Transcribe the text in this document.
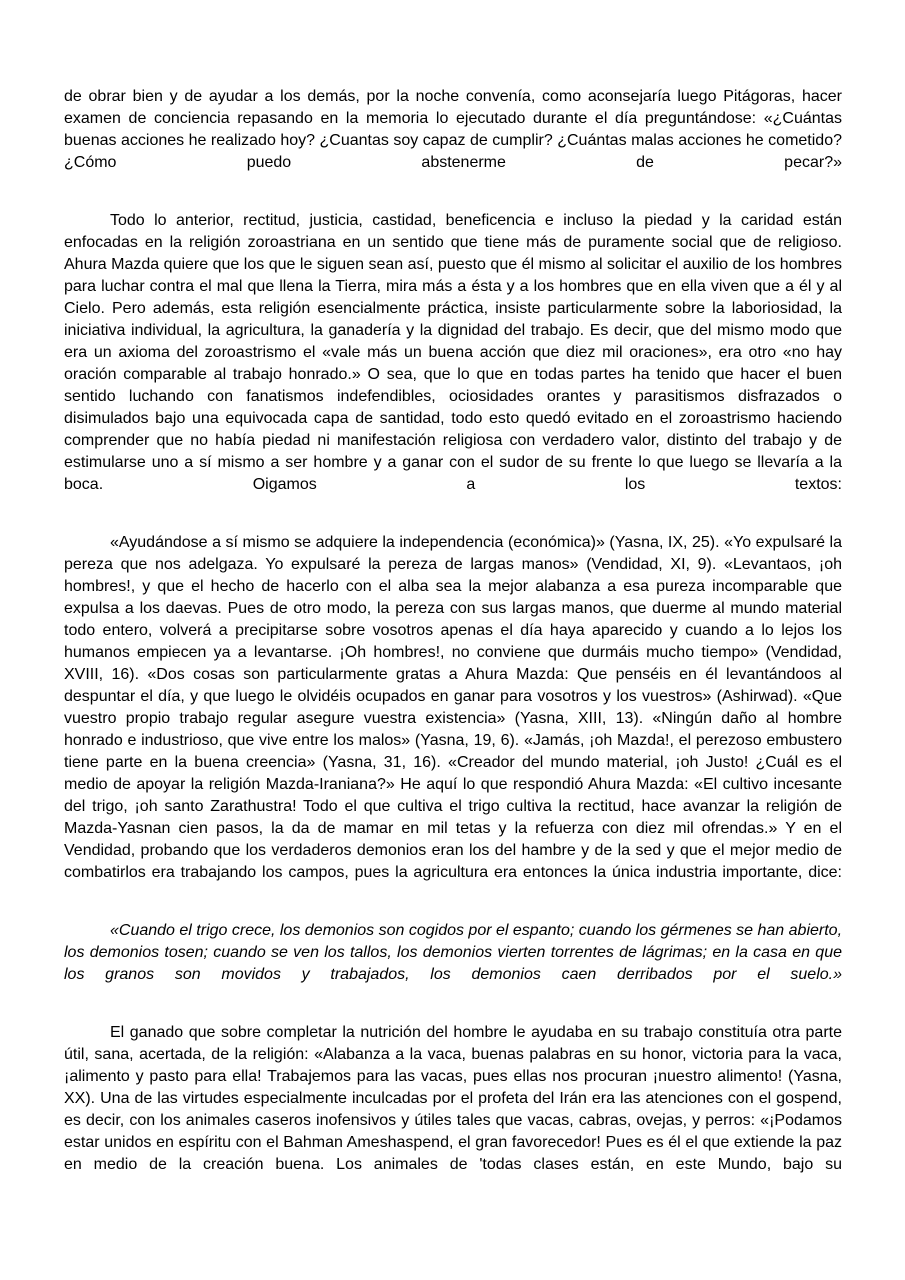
de obrar bien y de ayudar a los demás, por la noche convenía, como aconsejaría luego Pitágoras, hacer examen de conciencia repasando en la memoria lo ejecutado durante el día preguntándose: «¿Cuántas buenas acciones he realizado hoy? ¿Cuantas soy capaz de cumplir? ¿Cuántas malas acciones he cometido? ¿Cómo puedo abstenerme de pecar?»

Todo lo anterior, rectitud, justicia, castidad, beneficencia e incluso la piedad y la caridad están enfocadas en la religión zoroastriana en un sentido que tiene más de puramente social que de religioso. Ahura Mazda quiere que los que le siguen sean así, puesto que él mismo al solicitar el auxilio de los hombres para luchar contra el mal que llena la Tierra, mira más a ésta y a los hombres que en ella viven que a él y al Cielo. Pero además, esta religión esencialmente práctica, insiste particularmente sobre la laboriosidad, la iniciativa individual, la agricultura, la ganadería y la dignidad del trabajo. Es decir, que del mismo modo que era un axioma del zoroastrismo el «vale más un buena acción que diez mil oraciones», era otro «no hay oración comparable al trabajo honrado.» O sea, que lo que en todas partes ha tenido que hacer el buen sentido luchando con fanatismos indefendibles, ociosidades orantes y parasitismos disfrazados o disimulados bajo una equivocada capa de santidad, todo esto quedó evitado en el zoroastrismo haciendo comprender que no había piedad ni manifestación religiosa con verdadero valor, distinto del trabajo y de estimularse uno a sí mismo a ser hombre y a ganar con el sudor de su frente lo que luego se llevaría a la boca. Oigamos a los textos:

«Ayudándose a sí mismo se adquiere la independencia (económica)» (Yasna, IX, 25). «Yo expulsaré la pereza que nos adelgaza. Yo expulsaré la pereza de largas manos» (Vendidad, XI, 9). «Levantaos, ¡oh hombres!, y que el hecho de hacerlo con el alba sea la mejor alabanza a esa pureza incomparable que expulsa a los daevas. Pues de otro modo, la pereza con sus largas manos, que duerme al mundo material todo entero, volverá a precipitarse sobre vosotros apenas el día haya aparecido y cuando a lo lejos los humanos empiecen ya a levantarse. ¡Oh hombres!, no conviene que durmáis mucho tiempo» (Vendidad, XVIII, 16). «Dos cosas son particularmente gratas a Ahura Mazda: Que penséis en él levantándoos al despuntar el día, y que luego le olvidéis ocupados en ganar para vosotros y los vuestros» (Ashirwad). «Que vuestro propio trabajo regular asegure vuestra existencia» (Yasna, XIII, 13). «Ningún daño al hombre honrado e industrioso, que vive entre los malos» (Yasna, 19, 6). «Jamás, ¡oh Mazda!, el perezoso embustero tiene parte en la buena creencia» (Yasna, 31, 16). «Creador del mundo material, ¡oh Justo! ¿Cuál es el medio de apoyar la religión Mazda-Iraniana?» He aquí lo que respondió Ahura Mazda: «El cultivo incesante del trigo, ¡oh santo Zarathustra! Todo el que cultiva el trigo cultiva la rectitud, hace avanzar la religión de Mazda-Yasnan cien pasos, la da de mamar en mil tetas y la refuerza con diez mil ofrendas.» Y en el Vendidad, probando que los verdaderos demonios eran los del hambre y de la sed y que el mejor medio de combatirlos era trabajando los campos, pues la agricultura era entonces la única industria importante, dice:

«Cuando el trigo crece, los demonios son cogidos por el espanto; cuando los gérmenes se han abierto, los demonios tosen; cuando se ven los tallos, los demonios vierten torrentes de lágrimas; en la casa en que los granos son movidos y trabajados, los demonios caen derribados por el suelo.»

El ganado que sobre completar la nutrición del hombre le ayudaba en su trabajo constituía otra parte útil, sana, acertada, de la religión: «Alabanza a la vaca, buenas palabras en su honor, victoria para la vaca, ¡alimento y pasto para ella! Trabajemos para las vacas, pues ellas nos procuran ¡nuestro alimento! (Yasna, XX). Una de las virtudes especialmente inculcadas por el profeta del Irán era las atenciones con el gospend, es decir, con los animales caseros inofensivos y útiles tales que vacas, cabras, ovejas, y perros: «¡Podamos estar unidos en espíritu con el Bahman Ameshaspend, el gran favorecedor! Pues es él el que extiende la paz en medio de la creación buena. Los animales de 'todas clases están, en este Mundo, bajo su
